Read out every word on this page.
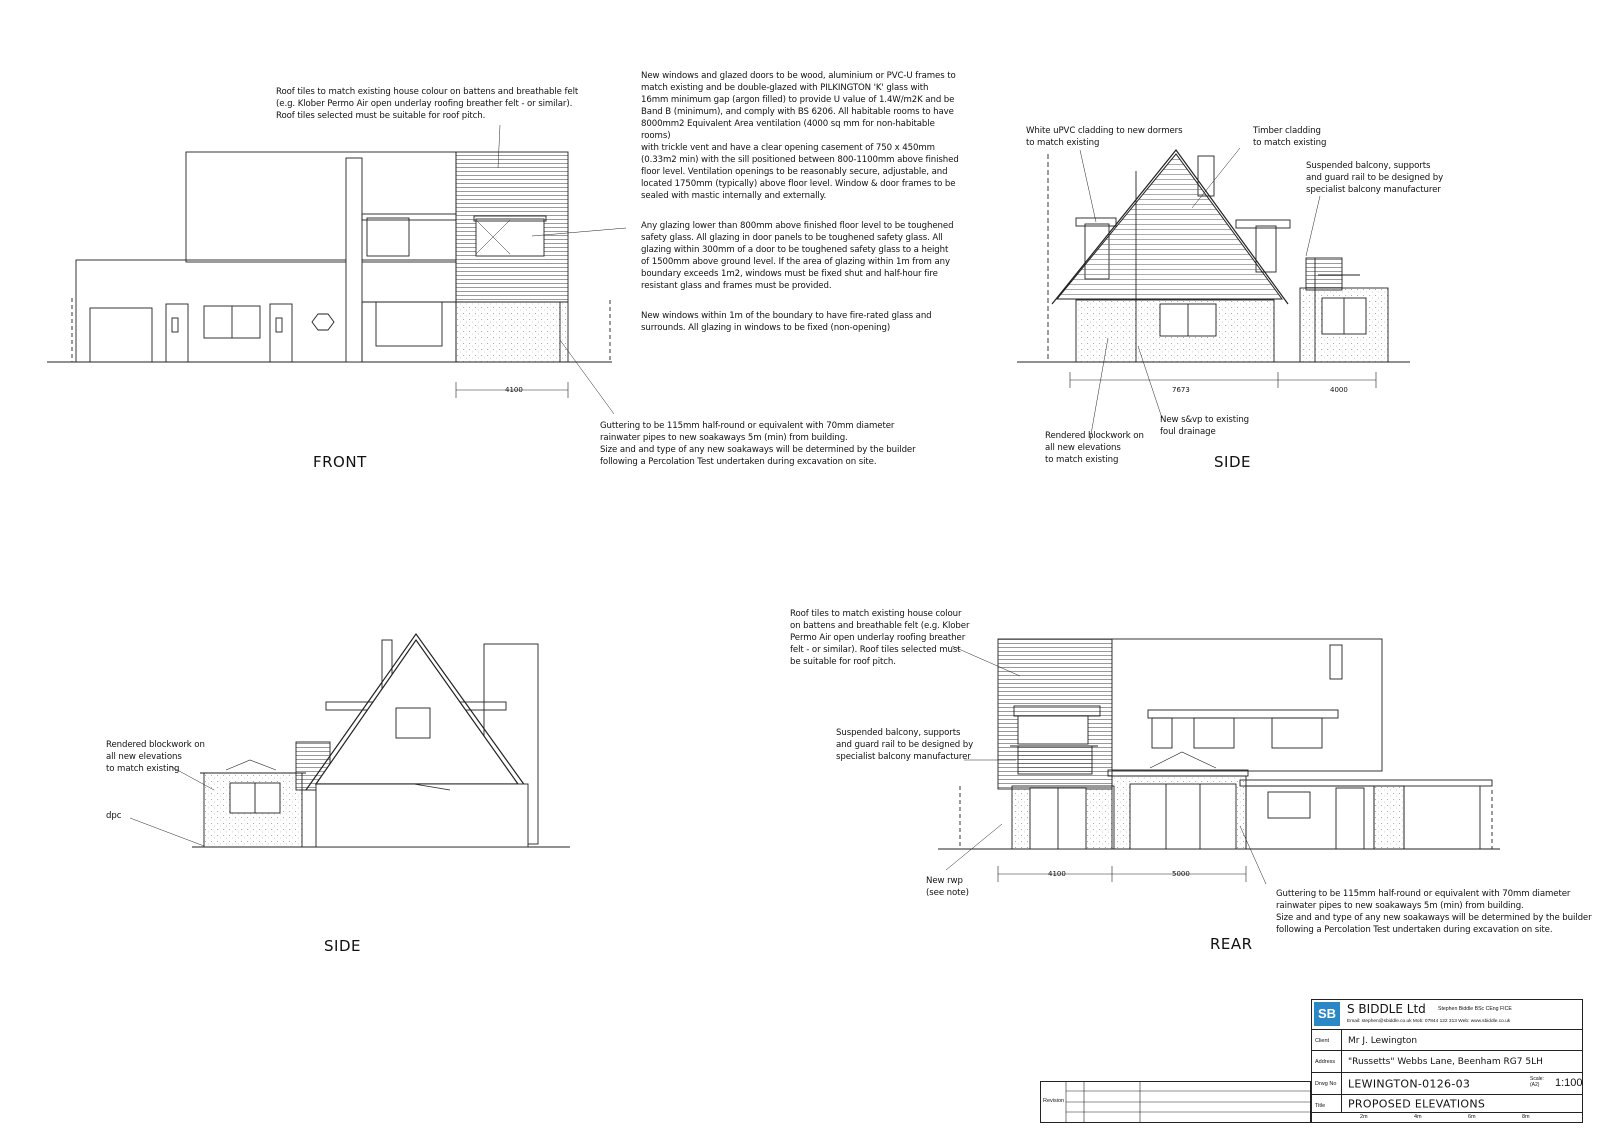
Roof tiles to match existing house colour on battens and breathable felt
(e.g. Klober Permo Air open underlay roofing breather felt - or similar).
Roof tiles selected must be suitable for roof pitch.

New windows and glazed doors to be wood, aluminium or PVC-U frames to
match existing and be double-glazed with PILKINGTON 'K' glass with
16mm minimum gap (argon filled) to provide U value of 1.4W/m2K and be
Band B (minimum), and comply with BS 6206. All habitable rooms to have
8000mm2 Equivalent Area ventilation (4000 sq mm for non-habitable rooms)
with trickle vent and have a clear opening casement of 750 x 450mm
(0.33m2 min) with the sill positioned between 800-1100mm above finished
floor level. Ventilation openings to be reasonably secure, adjustable, and
located 1750mm (typically) above floor level. Window & door frames to be
sealed with mastic internally and externally.

Any glazing lower than 800mm above finished floor level to be toughened
safety glass. All glazing in door panels to be toughened safety glass. All
glazing within 300mm of a door to be toughened safety glass to a height
of 1500mm above ground level. If the area of glazing within 1m from any
boundary exceeds 1m2, windows must be fixed shut and half-hour fire
resistant glass and frames must be provided.

New windows within 1m of the boundary to have fire-rated glass and
surrounds. All glazing in windows to be fixed (non-opening)

Guttering to be 115mm half-round or equivalent with 70mm diameter
rainwater pipes to new soakaways 5m (min) from building.
Size and and type of any new soakaways will be determined by the builder
following a Percolation Test undertaken during excavation on site.
White uPVC cladding to new dormers
to match existing
Timber cladding
to match existing
Suspended balcony, supports
and guard rail to be designed by
specialist balcony manufacturer
Rendered blockwork on
all new elevations
to match existing
New s&vp to existing
foul drainage
Rendered blockwork on
all new elevations
to match existing
dpc
Roof tiles to match existing house colour
on battens and breathable felt (e.g. Klober
Permo Air open underlay roofing breather
felt - or similar). Roof tiles selected must
be suitable for roof pitch.
Suspended balcony, supports
and guard rail to be designed by
specialist balcony manufacturer
New rwp
(see note)	Guttering to be 115mm half-round or equivalent with 70mm diameter
rainwater pipes to new soakaways 5m (min) from building.
Size and and type of any new soakaways will be determined by the builder
following a Percolation Test undertaken during excavation on site.
4100	7673	4000
4100	5000
FRONT	SIDE
SIDE	REAR
Revision
SB S BIDDLE Ltd Stephen Biddle BSc CEng FICE
Email: stephen@sbiddle.co.uk Mob: 07844 122 313 Web: www.sbiddle.co.uk
Client	Mr J. Lewington
Address	"Russetts" Webbs Lane, Beenham RG7 5LH
Drwg No	LEWINGTON-0126-03	Scale:
(A2)	1:100
Title	PROPOSED ELEVATIONS
2m	4m	6m	8m
